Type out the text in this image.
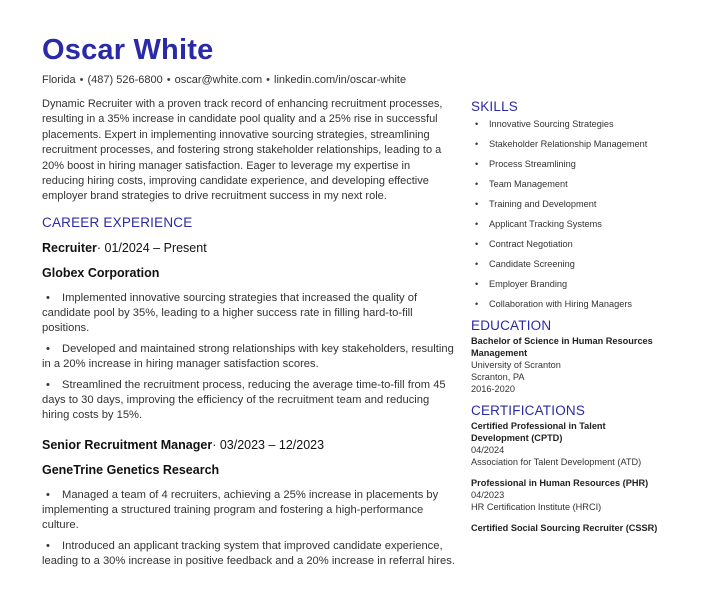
Oscar White
Florida • (487) 526-6800 • oscar@white.com • linkedin.com/in/oscar-white

Dynamic Recruiter with a proven track record of enhancing recruitment processes, resulting in a 35% increase in candidate pool quality and a 25% rise in successful placements. Expert in implementing innovative sourcing strategies, streamlining recruitment processes, and fostering strong stakeholder relationships, leading to a 20% boost in hiring manager satisfaction. Eager to leverage my expertise in reducing hiring costs, improving candidate experience, and developing effective employer brand strategies to drive recruitment success in my next role.

CAREER EXPERIENCE
Recruiter· 01/2024 – Present
Globex Corporation
• Implemented innovative sourcing strategies that increased the quality of candidate pool by 35%, leading to a higher success rate in filling hard-to-fill positions.
• Developed and maintained strong relationships with key stakeholders, resulting in a 20% increase in hiring manager satisfaction scores.
• Streamlined the recruitment process, reducing the average time-to-fill from 45 days to 30 days, improving the efficiency of the recruitment team and reducing hiring costs by 15%.
Senior Recruitment Manager· 03/2023 – 12/2023
GeneTrine Genetics Research
• Managed a team of 4 recruiters, achieving a 25% increase in placements by implementing a structured training program and fostering a high-performance culture.
• Introduced an applicant tracking system that improved candidate experience, leading to a 30% increase in positive feedback and a 20% increase in referral hires.
SKILLS
• Innovative Sourcing Strategies
• Stakeholder Relationship Management
• Process Streamlining
• Team Management
• Training and Development
• Applicant Tracking Systems
• Contract Negotiation
• Candidate Screening
• Employer Branding
• Collaboration with Hiring Managers
EDUCATION
Bachelor of Science in Human Resources Management
University of Scranton
Scranton, PA
2016-2020
CERTIFICATIONS
Certified Professional in Talent Development (CPTD)
04/2024
Association for Talent Development (ATD)
Professional in Human Resources (PHR)
04/2023
HR Certification Institute (HRCI)
Certified Social Sourcing Recruiter (CSSR)
